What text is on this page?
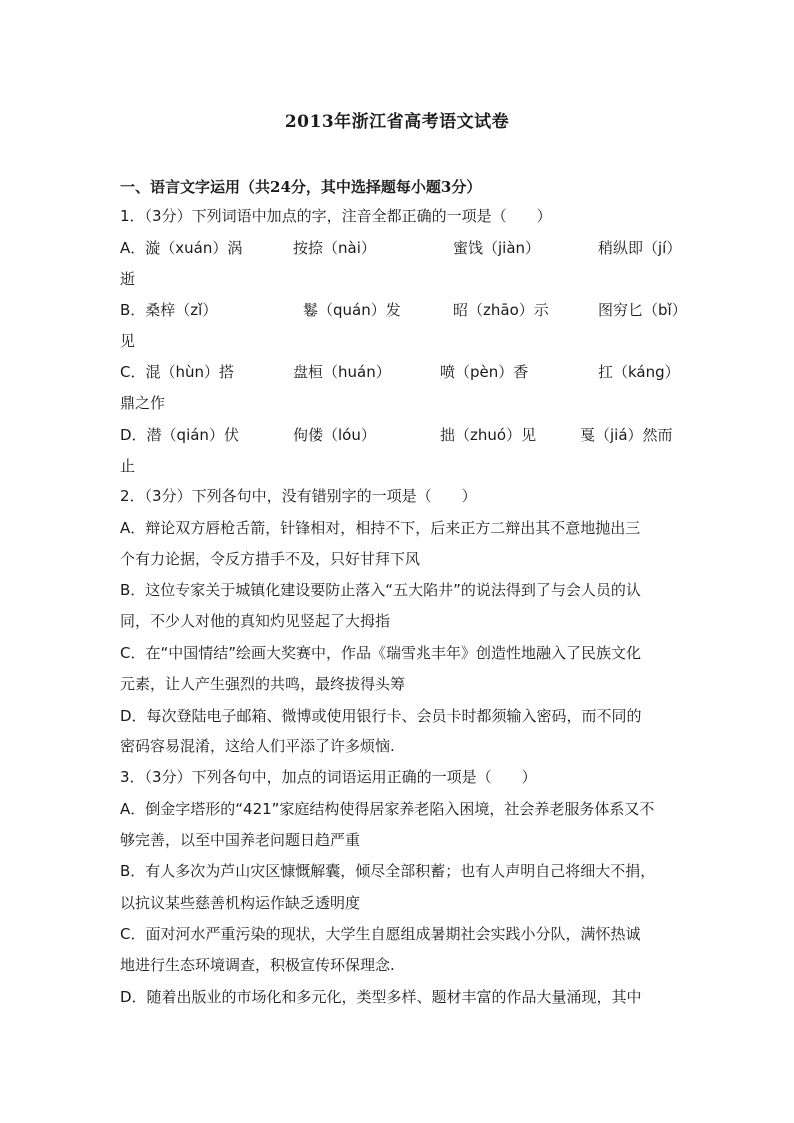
2013年浙江省高考语文试卷
一、语言文字运用（共24分，其中选择题每小题3分）
1．（3分）下列词语中加点的字，注音全都正确的一项是（　　）
A．漩（xuán）涡	按捺（nài）	蜜饯（jiàn）	稍纵即（jí）
逝
B．桑梓（zǐ）	鬈（quán）发	昭（zhāo）示	图穷匕（bǐ）
见
C．混（hùn）搭	盘桓（huán）	喷（pèn）香	扛（káng）
鼎之作
D．潜（qián）伏	佝偻（lóu）	拙（zhuó）见	戛（jiá）然而
止
2．（3分）下列各句中，没有错别字的一项是（　　）
A．辩论双方唇枪舌箭，针锋相对，相持不下，后来正方二辩出其不意地抛出三
个有力论据，令反方措手不及，只好甘拜下风
B．这位专家关于城镇化建设要防止落入“五大陷井”的说法得到了与会人员的认
同，不少人对他的真知灼见竖起了大拇指
C．在“中国情结”绘画大奖赛中，作品《瑞雪兆丰年》创造性地融入了民族文化
元素，让人产生强烈的共鸣，最终拔得头筹
D．每次登陆电子邮箱、微博或使用银行卡、会员卡时都须输入密码，而不同的
密码容易混淆，这给人们平添了许多烦恼.
3．（3分）下列各句中，加点的词语运用正确的一项是（　　）
A．倒金字塔形的“421”家庭结构使得居家养老陷入困境，社会养老服务体系又不
够完善，以至中国养老问题日趋严重
B．有人多次为芦山灾区慷慨解囊，倾尽全部积蓄；也有人声明自己将细大不捐，
以抗议某些慈善机构运作缺乏透明度
C．面对河水严重污染的现状，大学生自愿组成暑期社会实践小分队，满怀热诚
地进行生态环境调查，积极宣传环保理念.
D．随着出版业的市场化和多元化，类型多样、题材丰富的作品大量涌现，其中
